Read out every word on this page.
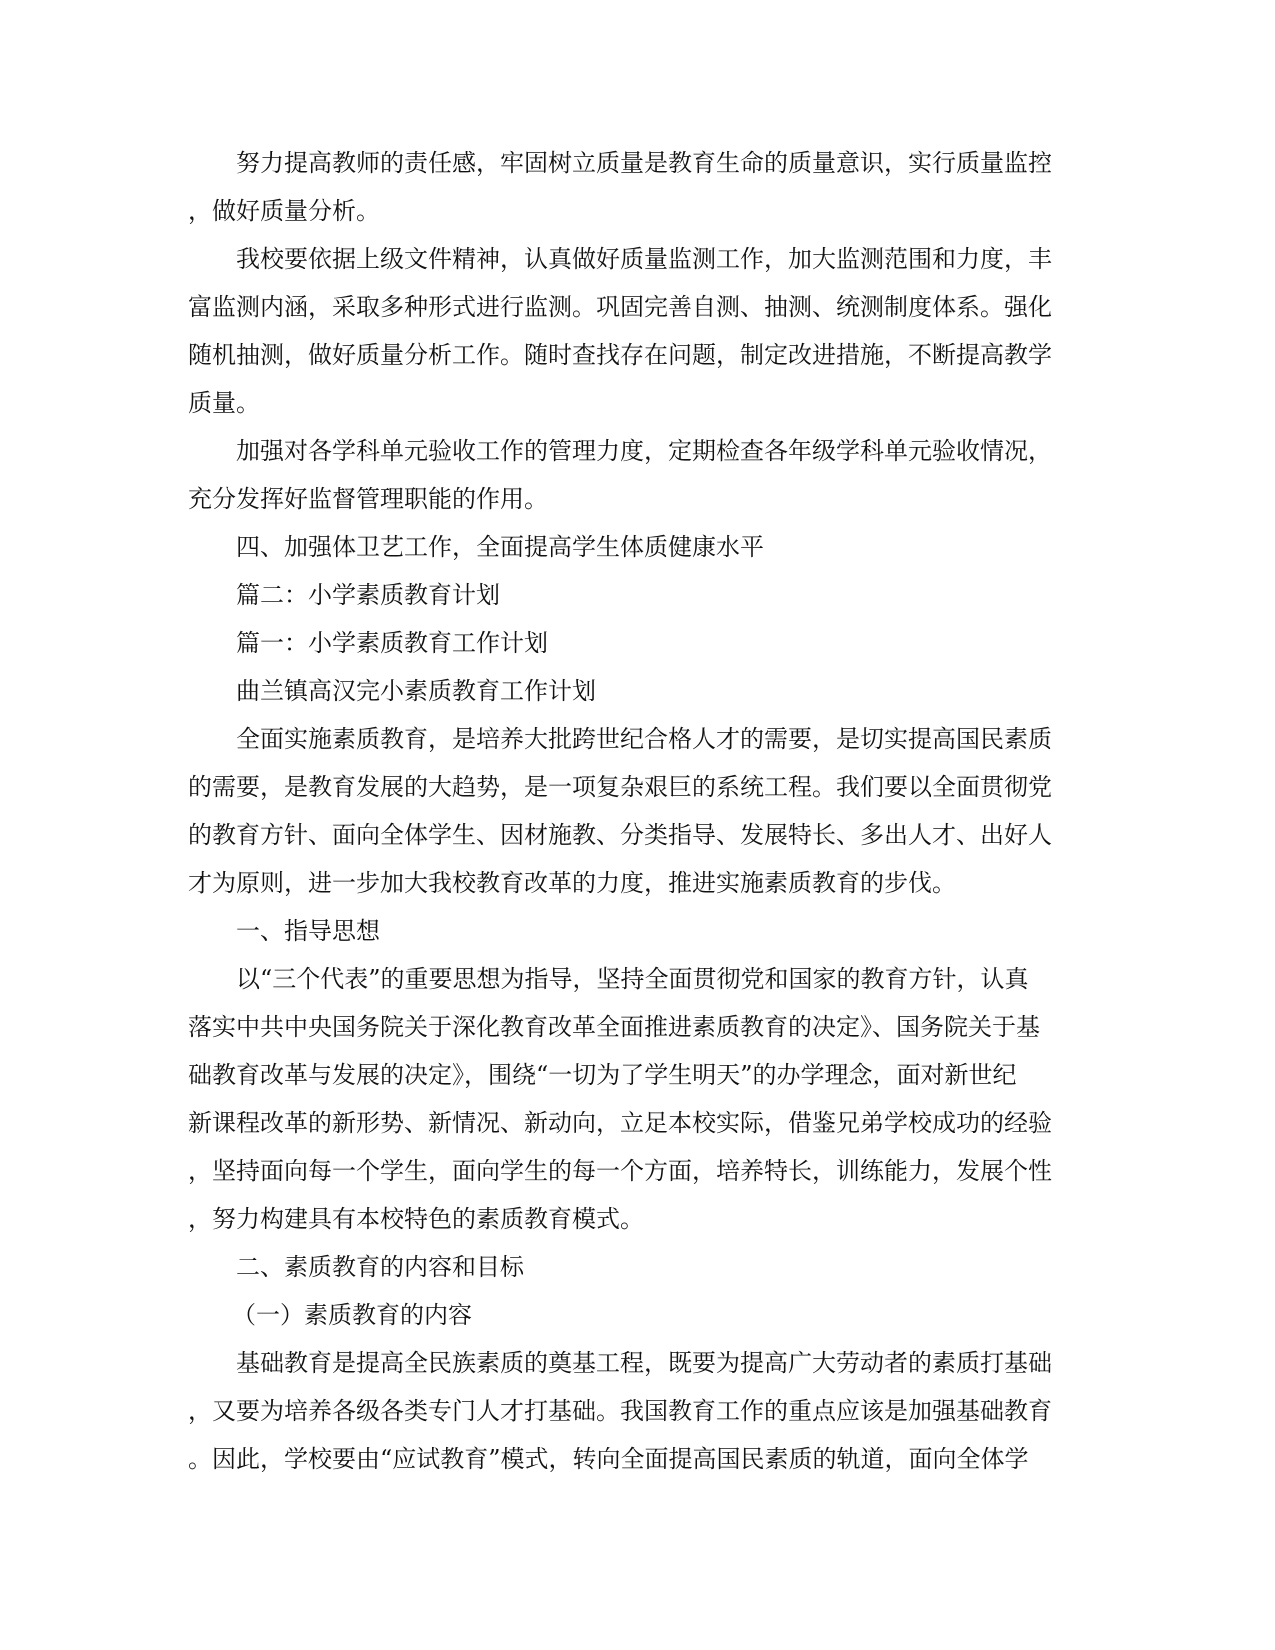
努力提高教师的责任感，牢固树立质量是教育生命的质量意识，实行质量监控
，做好质量分析。
我校要依据上级文件精神，认真做好质量监测工作，加大监测范围和力度，丰
富监测内涵，采取多种形式进行监测。巩固完善自测、抽测、统测制度体系。强化
随机抽测，做好质量分析工作。随时查找存在问题，制定改进措施，不断提高教学
质量。
加强对各学科单元验收工作的管理力度，定期检查各年级学科单元验收情况，
充分发挥好监督管理职能的作用。
四、加强体卫艺工作，全面提高学生体质健康水平
篇二：小学素质教育计划
篇一：小学素质教育工作计划
曲兰镇高汉完小素质教育工作计划
全面实施素质教育，是培养大批跨世纪合格人才的需要，是切实提高国民素质
的需要，是教育发展的大趋势，是一项复杂艰巨的系统工程。我们要以全面贯彻党
的教育方针、面向全体学生、因材施教、分类指导、发展特长、多出人才、出好人
才为原则，进一步加大我校教育改革的力度，推进实施素质教育的步伐。
一、指导思想
以“三个代表”的重要思想为指导，坚持全面贯彻党和国家的教育方针，认真
落实中共中央国务院关于深化教育改革全面推进素质教育的决定》、国务院关于基
础教育改革与发展的决定》，围绕“一切为了学生明天”的办学理念，面对新世纪
新课程改革的新形势、新情况、新动向，立足本校实际，借鉴兄弟学校成功的经验
，坚持面向每一个学生，面向学生的每一个方面，培养特长，训练能力，发展个性
，努力构建具有本校特色的素质教育模式。
二、素质教育的内容和目标
（一）素质教育的内容
基础教育是提高全民族素质的奠基工程，既要为提高广大劳动者的素质打基础
，又要为培养各级各类专门人才打基础。我国教育工作的重点应该是加强基础教育
。因此，学校要由“应试教育”模式，转向全面提高国民素质的轨道，面向全体学
